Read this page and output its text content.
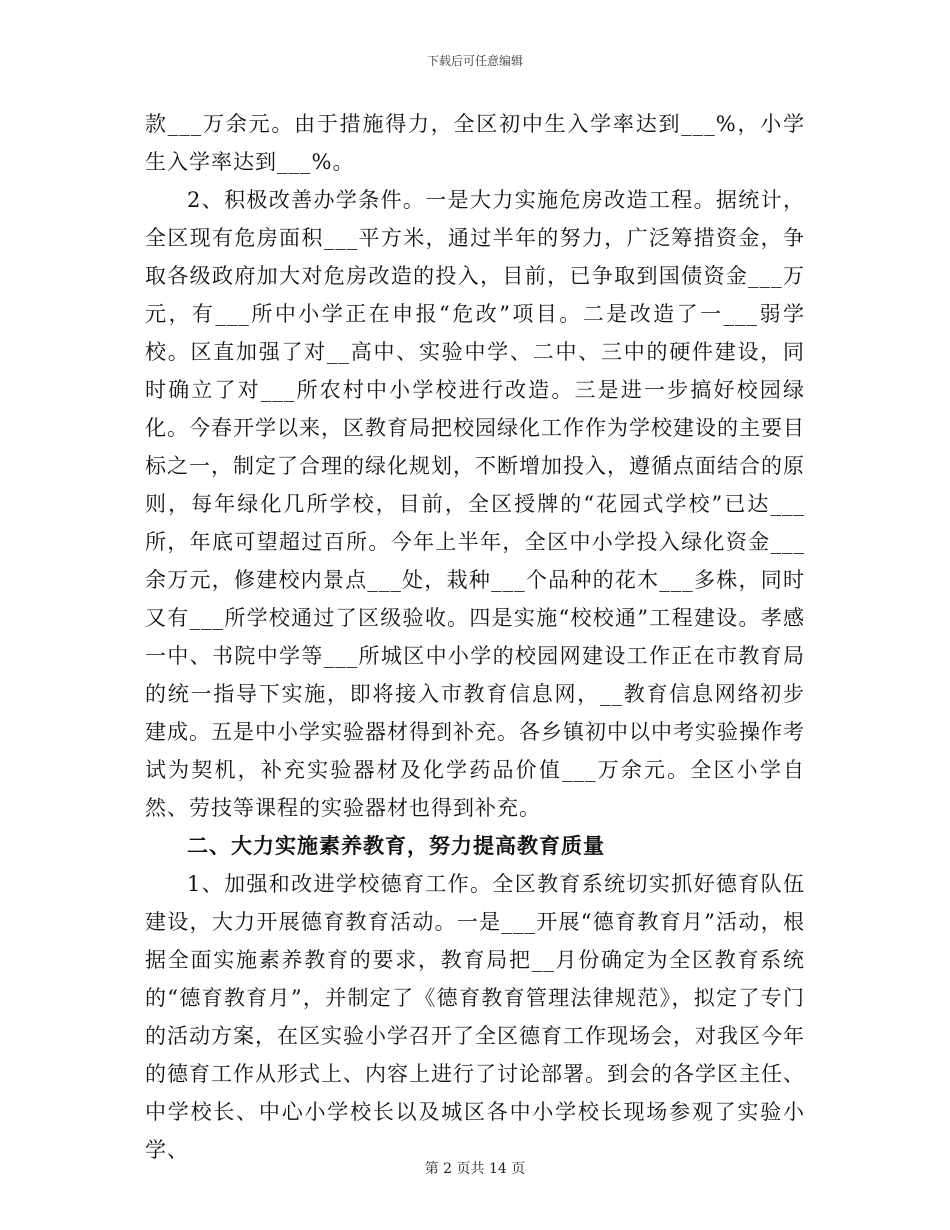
下载后可任意编辑

款___万余元。由于措施得力，全区初中生入学率达到___%，小学生入学率达到___%。

2、积极改善办学条件。一是大力实施危房改造工程。据统计，全区现有危房面积___平方米，通过半年的努力，广泛筹措资金，争取各级政府加大对危房改造的投入，目前，已争取到国债资金___万元，有___所中小学正在申报“危改”项目。二是改造了一___弱学校。区直加强了对__高中、实验中学、二中、三中的硬件建设，同时确立了对___所农村中小学校进行改造。三是进一步搞好校园绿化。今春开学以来，区教育局把校园绿化工作作为学校建设的主要目标之一，制定了合理的绿化规划，不断增加投入，遵循点面结合的原则，每年绿化几所学校，目前，全区授牌的“花园式学校”已达___所，年底可望超过百所。今年上半年，全区中小学投入绿化资金___余万元，修建校内景点___处，栽种___个品种的花木___多株，同时又有___所学校通过了区级验收。四是实施“校校通”工程建设。孝感一中、书院中学等___所城区中小学的校园网建设工作正在市教育局的统一指导下实施，即将接入市教育信息网，__教育信息网络初步建成。五是中小学实验器材得到补充。各乡镇初中以中考实验操作考试为契机，补充实验器材及化学药品价值___万余元。全区小学自然、劳技等课程的实验器材也得到补充。

二、大力实施素养教育，努力提高教育质量

1、加强和改进学校德育工作。全区教育系统切实抓好德育队伍建设，大力开展德育教育活动。一是___开展“德育教育月”活动，根据全面实施素养教育的要求，教育局把__月份确定为全区教育系统的“德育教育月”，并制定了《德育教育管理法律规范》，拟定了专门的活动方案，在区实验小学召开了全区德育工作现场会，对我区今年的德育工作从形式上、内容上进行了讨论部署。到会的各学区主任、中学校长、中心小学校长以及城区各中小学校长现场参观了实验小学、

第 2 页共 14 页
